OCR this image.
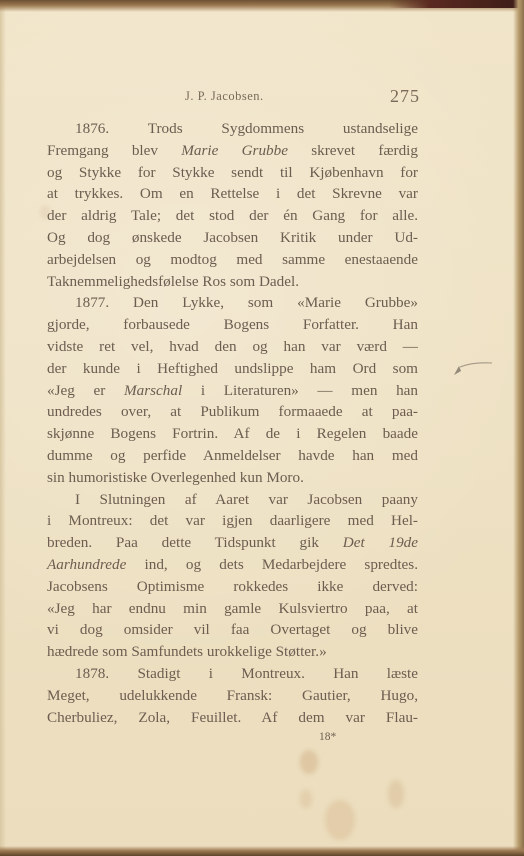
J. P. Jacobsen.	275
1876. Trods Sygdommens ustandselige
Fremgang blev Marie Grubbe skrevet færdig
og Stykke for Stykke sendt til Kjøbenhavn for
at trykkes. Om en Rettelse i det Skrevne var
der aldrig Tale; det stod der én Gang for alle.
Og dog ønskede Jacobsen Kritik under Ud-
arbejdelsen og modtog med samme enestaaende
Taknemmelighedsfølelse Ros som Dadel.
1877. Den Lykke, som «Marie Grubbe»
gjorde, forbausede Bogens Forfatter. Han
vidste ret vel, hvad den og han var værd —
der kunde i Heftighed undslippe ham Ord som
«Jeg er Marschal i Literaturen» — men han
undredes over, at Publikum formaaede at paa-
skjønne Bogens Fortrin. Af de i Regelen baade
dumme og perfide Anmeldelser havde han med
sin humoristiske Overlegenhed kun Moro.
I Slutningen af Aaret var Jacobsen paany
i Montreux: det var igjen daarligere med Hel-
breden. Paa dette Tidspunkt gik Det 19de
Aarhundrede ind, og dets Medarbejdere spredtes.
Jacobsens Optimisme rokkedes ikke derved:
«Jeg har endnu min gamle Kulsviertro paa, at
vi dog omsider vil faa Overtaget og blive
hædrede som Samfundets urokkelige Støtter.»
1878. Stadigt i Montreux. Han læste
Meget, udelukkende Fransk: Gautier, Hugo,
Cherbuliez, Zola, Feuillet. Af dem var Flau-
18*
